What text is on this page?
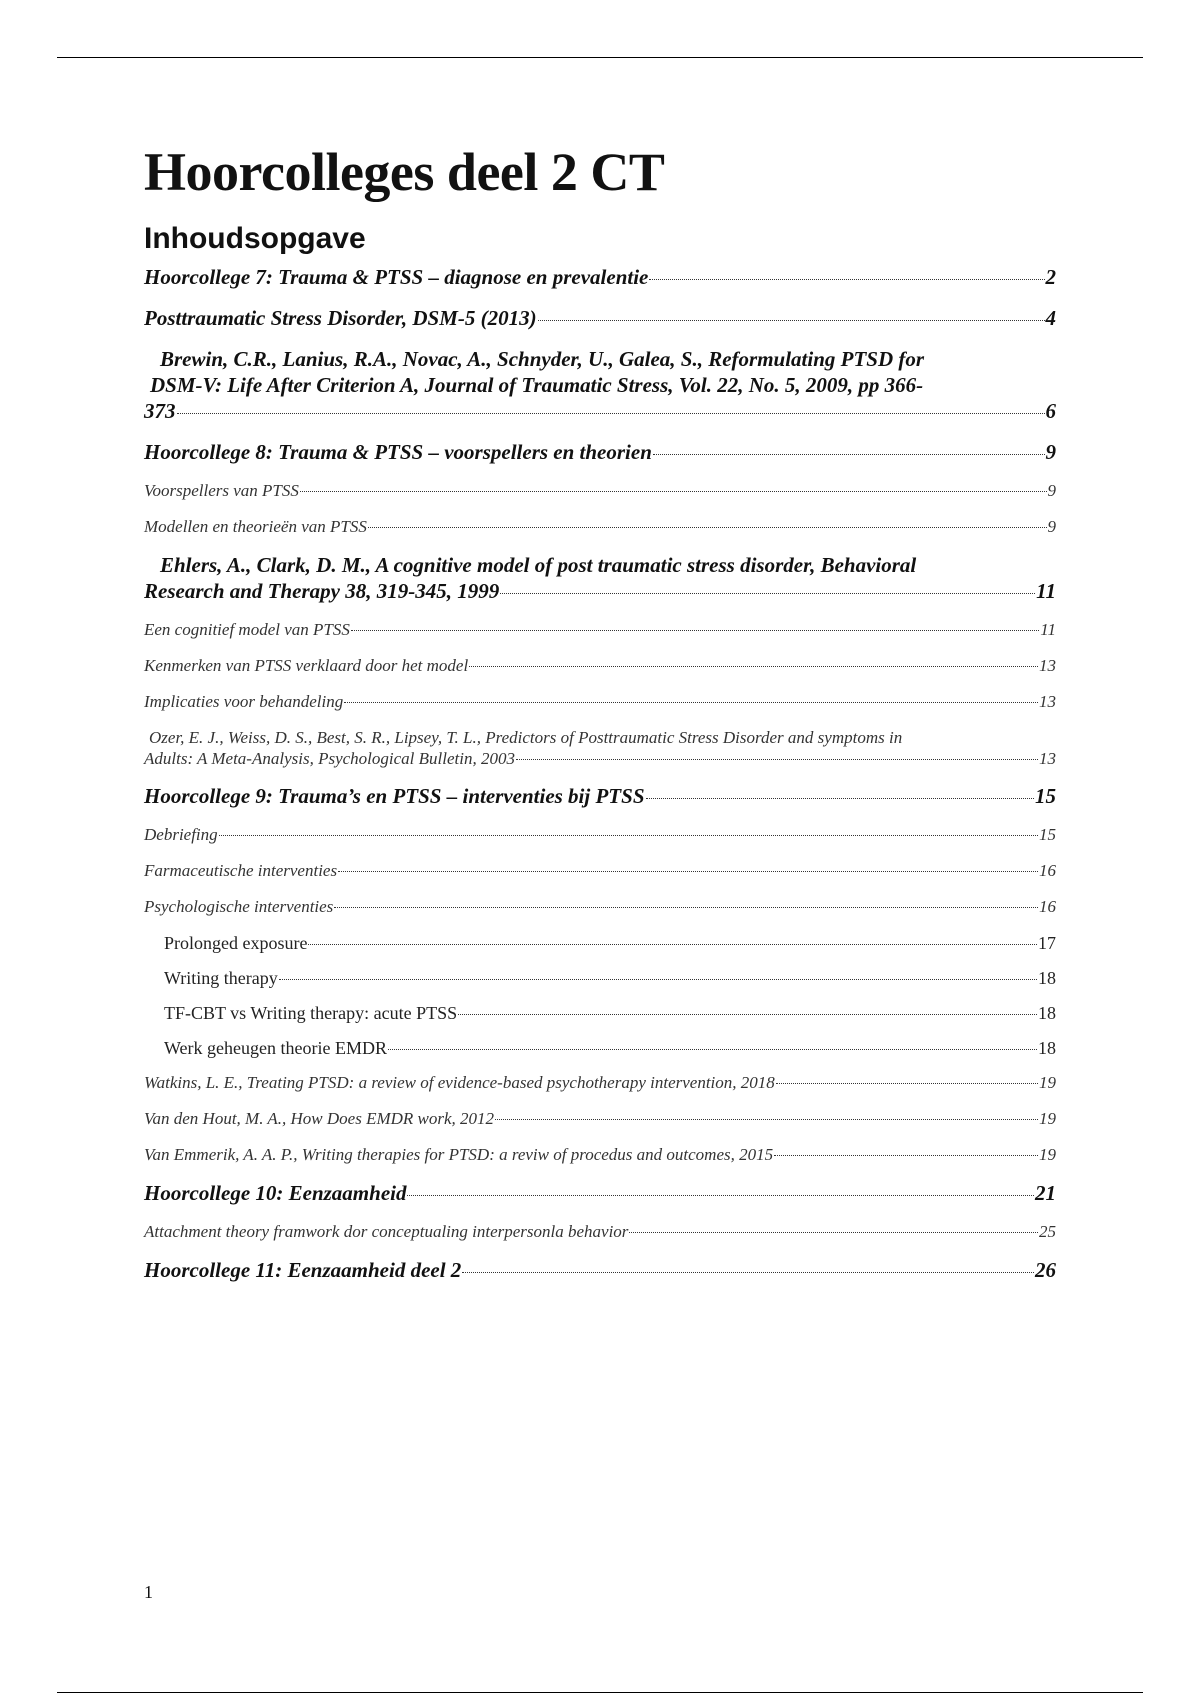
Hoorcolleges deel 2 CT
Inhoudsopgave
Hoorcollege 7: Trauma & PTSS – diagnose en prevalentie	2
Posttraumatic Stress Disorder, DSM-5 (2013)	4
Brewin, C.R., Lanius, R.A., Novac, A., Schnyder, U., Galea, S., Reformulating PTSD for
DSM-V: Life After Criterion A, Journal of Traumatic Stress, Vol. 22, No. 5, 2009, pp 366-
373	6
Hoorcollege 8: Trauma & PTSS – voorspellers en theorien	9
Voorspellers van PTSS	9
Modellen en theorieën van PTSS	9
Ehlers, A., Clark, D. M., A cognitive model of post traumatic stress disorder, Behavioral
Research and Therapy 38, 319-345, 1999	11
Een cognitief model van PTSS	11
Kenmerken van PTSS verklaard door het model	13
Implicaties voor behandeling	13
Ozer, E. J., Weiss, D. S., Best, S. R., Lipsey, T. L., Predictors of Posttraumatic Stress Disorder and symptoms in
Adults: A Meta-Analysis, Psychological Bulletin, 2003	13
Hoorcollege 9: Trauma’s en PTSS – interventies bij PTSS	15
Debriefing	15
Farmaceutische interventies	16
Psychologische interventies	16
Prolonged exposure	17
Writing therapy	18
TF-CBT vs Writing therapy: acute PTSS	18
Werk geheugen theorie EMDR	18
Watkins, L. E., Treating PTSD: a review of evidence-based psychotherapy intervention, 2018	19
Van den Hout, M. A., How Does EMDR work, 2012	19
Van Emmerik, A. A. P., Writing therapies for PTSD: a reviw of procedus and outcomes, 2015	19
Hoorcollege 10: Eenzaamheid	21
Attachment theory framwork dor conceptualing interpersonla behavior	25
Hoorcollege 11: Eenzaamheid deel 2	26
1
